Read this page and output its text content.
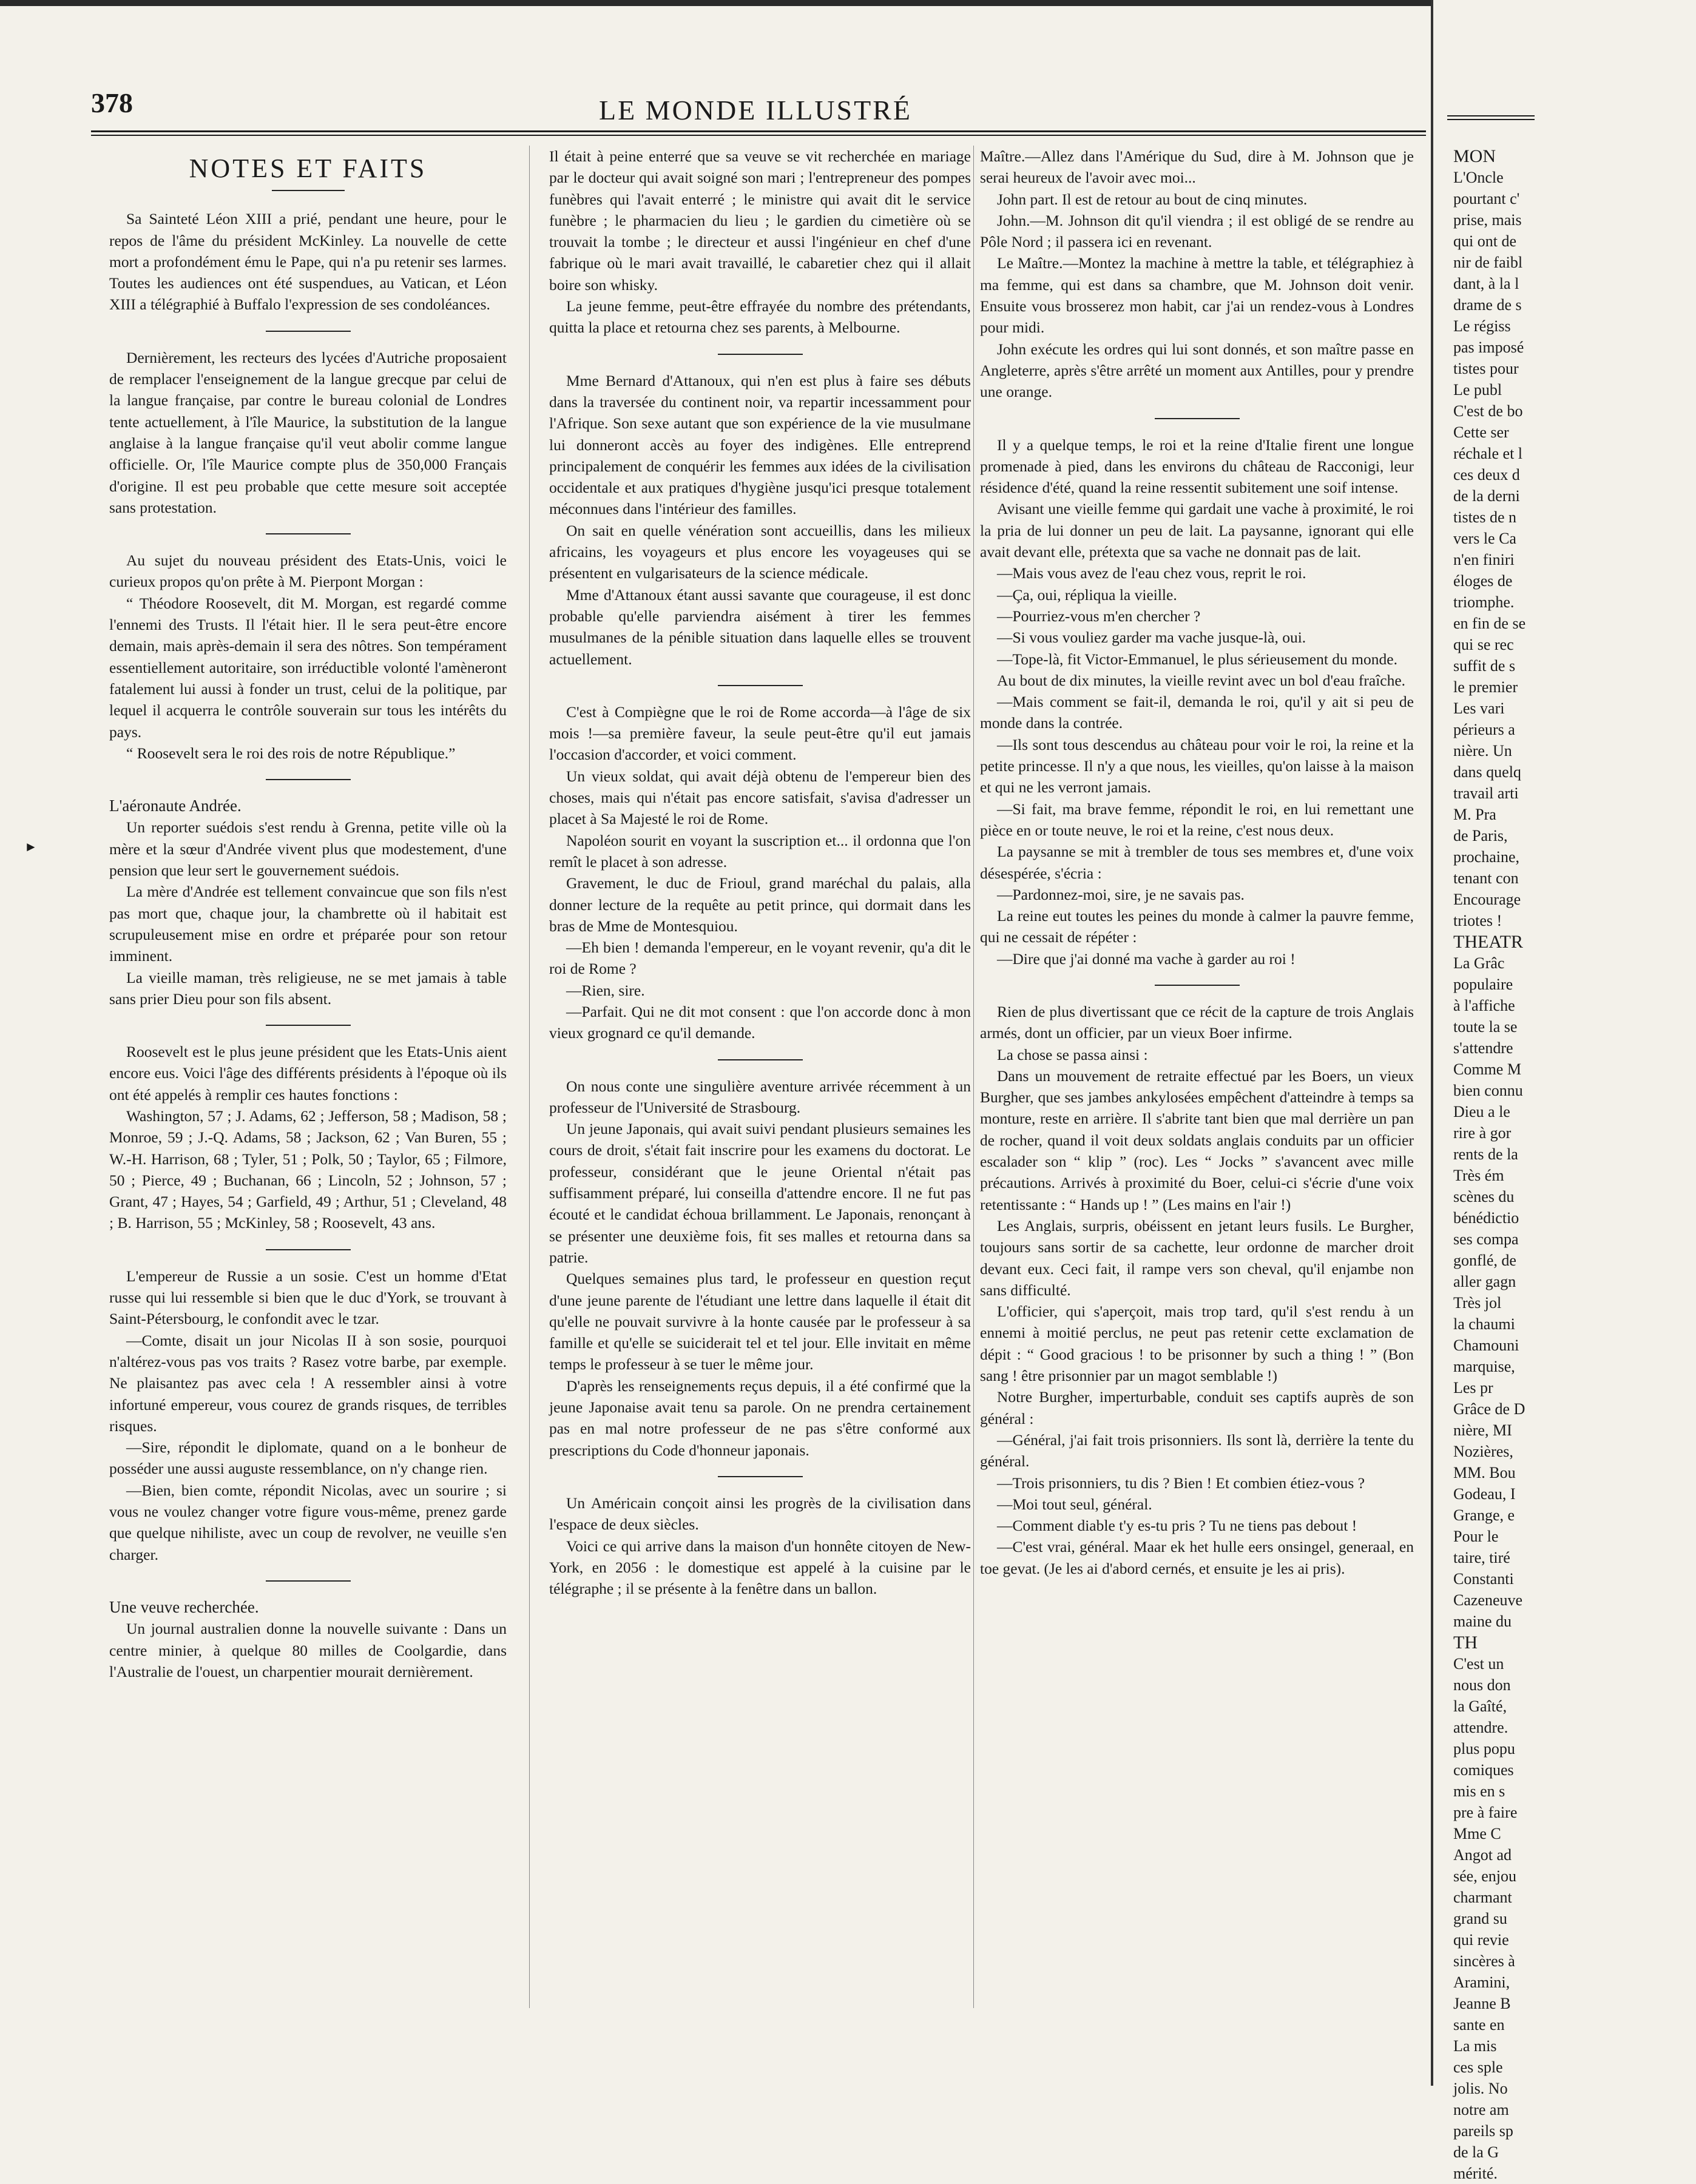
378	LE MONDE ILLUSTRÉ
►
NOTES ET FAITS

Sa Sainteté Léon XIII a prié, pendant une heure, pour le repos de l'âme du président McKinley. La nouvelle de cette mort a profondément ému le Pape, qui n'a pu retenir ses larmes. Toutes les audiences ont été suspendues, au Vatican, et Léon XIII a télégraphié à Buffalo l'expression de ses condoléances.

Dernièrement, les recteurs des lycées d'Autriche proposaient de remplacer l'enseignement de la langue grecque par celui de la langue française, par contre le bureau colonial de Londres tente actuellement, à l'île Maurice, la substitution de la langue anglaise à la langue française qu'il veut abolir comme langue officielle. Or, l'île Maurice compte plus de 350,000 Français d'origine. Il est peu probable que cette mesure soit acceptée sans protestation.

Au sujet du nouveau président des Etats-Unis, voici le curieux propos qu'on prête à M. Pierpont Morgan :

“ Théodore Roosevelt, dit M. Morgan, est regardé comme l'ennemi des Trusts. Il l'était hier. Il le sera peut-être encore demain, mais après-demain il sera des nôtres. Son tempérament essentiellement autoritaire, son irréductible volonté l'amèneront fatalement lui aussi à fonder un trust, celui de la politique, par lequel il acquerra le contrôle souverain sur tous les intérêts du pays.

“ Roosevelt sera le roi des rois de notre République.”

L'aéronaute Andrée.

Un reporter suédois s'est rendu à Grenna, petite ville où la mère et la sœur d'Andrée vivent plus que modestement, d'une pension que leur sert le gouvernement suédois.

La mère d'Andrée est tellement convaincue que son fils n'est pas mort que, chaque jour, la chambrette où il habitait est scrupuleusement mise en ordre et préparée pour son retour imminent.

La vieille maman, très religieuse, ne se met jamais à table sans prier Dieu pour son fils absent.

Roosevelt est le plus jeune président que les Etats-Unis aient encore eus. Voici l'âge des différents présidents à l'époque où ils ont été appelés à remplir ces hautes fonctions :

Washington, 57 ; J. Adams, 62 ; Jefferson, 58 ; Madison, 58 ; Monroe, 59 ; J.-Q. Adams, 58 ; Jackson, 62 ; Van Buren, 55 ; W.-H. Harrison, 68 ; Tyler, 51 ; Polk, 50 ; Taylor, 65 ; Filmore, 50 ; Pierce, 49 ; Buchanan, 66 ; Lincoln, 52 ; Johnson, 57 ; Grant, 47 ; Hayes, 54 ; Garfield, 49 ; Arthur, 51 ; Cleveland, 48 ; B. Harrison, 55 ; McKinley, 58 ; Roosevelt, 43 ans.

L'empereur de Russie a un sosie. C'est un homme d'Etat russe qui lui ressemble si bien que le duc d'York, se trouvant à Saint-Pétersbourg, le confondit avec le tzar.

—Comte, disait un jour Nicolas II à son sosie, pourquoi n'altérez-vous pas vos traits ? Rasez votre barbe, par exemple. Ne plaisantez pas avec cela ! A ressembler ainsi à votre infortuné empereur, vous courez de grands risques, de terribles risques.

—Sire, répondit le diplomate, quand on a le bonheur de posséder une aussi auguste ressemblance, on n'y change rien.

—Bien, bien comte, répondit Nicolas, avec un sourire ; si vous ne voulez changer votre figure vous-même, prenez garde que quelque nihiliste, avec un coup de revolver, ne veuille s'en charger.

Une veuve recherchée.

Un journal australien donne la nouvelle suivante : Dans un centre minier, à quelque 80 milles de Coolgardie, dans l'Australie de l'ouest, un charpentier mourait dernièrement.

Il était à peine enterré que sa veuve se vit recherchée en mariage par le docteur qui avait soigné son mari ; l'entrepreneur des pompes funèbres qui l'avait enterré ; le ministre qui avait dit le service funèbre ; le pharmacien du lieu ; le gardien du cimetière où se trouvait la tombe ; le directeur et aussi l'ingénieur en chef d'une fabrique où le mari avait travaillé, le cabaretier chez qui il allait boire son whisky.

La jeune femme, peut-être effrayée du nombre des prétendants, quitta la place et retourna chez ses parents, à Melbourne.

Mme Bernard d'Attanoux, qui n'en est plus à faire ses débuts dans la traversée du continent noir, va repartir incessamment pour l'Afrique. Son sexe autant que son expérience de la vie musulmane lui donneront accès au foyer des indigènes. Elle entreprend principalement de conquérir les femmes aux idées de la civilisation occidentale et aux pratiques d'hygiène jusqu'ici presque totalement méconnues dans l'intérieur des familles.

On sait en quelle vénération sont accueillis, dans les milieux africains, les voyageurs et plus encore les voyageuses qui se présentent en vulgarisateurs de la science médicale.

Mme d'Attanoux étant aussi savante que courageuse, il est donc probable qu'elle parviendra aisément à tirer les femmes musulmanes de la pénible situation dans laquelle elles se trouvent actuellement.

C'est à Compiègne que le roi de Rome accorda—à l'âge de six mois !—sa première faveur, la seule peut-être qu'il eut jamais l'occasion d'accorder, et voici comment.

Un vieux soldat, qui avait déjà obtenu de l'empereur bien des choses, mais qui n'était pas encore satisfait, s'avisa d'adresser un placet à Sa Majesté le roi de Rome.

Napoléon sourit en voyant la suscription et... il ordonna que l'on remît le placet à son adresse.

Gravement, le duc de Frioul, grand maréchal du palais, alla donner lecture de la requête au petit prince, qui dormait dans les bras de Mme de Montesquiou.

—Eh bien ! demanda l'empereur, en le voyant revenir, qu'a dit le roi de Rome ?

—Rien, sire.

—Parfait. Qui ne dit mot consent : que l'on accorde donc à mon vieux grognard ce qu'il demande.

On nous conte une singulière aventure arrivée récemment à un professeur de l'Université de Strasbourg.

Un jeune Japonais, qui avait suivi pendant plusieurs semaines les cours de droit, s'était fait inscrire pour les examens du doctorat. Le professeur, considérant que le jeune Oriental n'était pas suffisamment préparé, lui conseilla d'attendre encore. Il ne fut pas écouté et le candidat échoua brillamment. Le Japonais, renonçant à se présenter une deuxième fois, fit ses malles et retourna dans sa patrie.

Quelques semaines plus tard, le professeur en question reçut d'une jeune parente de l'étudiant une lettre dans laquelle il était dit qu'elle ne pouvait survivre à la honte causée par le professeur à sa famille et qu'elle se suiciderait tel et tel jour. Elle invitait en même temps le professeur à se tuer le même jour.

D'après les renseignements reçus depuis, il a été confirmé que la jeune Japonaise avait tenu sa parole. On ne prendra certainement pas en mal notre professeur de ne pas s'être conformé aux prescriptions du Code d'honneur japonais.

Un Américain conçoit ainsi les progrès de la civilisation dans l'espace de deux siècles.

Voici ce qui arrive dans la maison d'un honnête citoyen de New-York, en 2056 : le domestique est appelé à la cuisine par le télégraphe ; il se présente à la fenêtre dans un ballon.

Maître.—Allez dans l'Amérique du Sud, dire à M. Johnson que je serai heureux de l'avoir avec moi...

John part. Il est de retour au bout de cinq minutes.

John.—M. Johnson dit qu'il viendra ; il est obligé de se rendre au Pôle Nord ; il passera ici en revenant.

Le Maître.—Montez la machine à mettre la table, et télégraphiez à ma femme, qui est dans sa chambre, que M. Johnson doit venir. Ensuite vous brosserez mon habit, car j'ai un rendez-vous à Londres pour midi.

John exécute les ordres qui lui sont donnés, et son maître passe en Angleterre, après s'être arrêté un moment aux Antilles, pour y prendre une orange.

Il y a quelque temps, le roi et la reine d'Italie firent une longue promenade à pied, dans les environs du château de Racconigi, leur résidence d'été, quand la reine ressentit subitement une soif intense.

Avisant une vieille femme qui gardait une vache à proximité, le roi la pria de lui donner un peu de lait. La paysanne, ignorant qui elle avait devant elle, prétexta que sa vache ne donnait pas de lait.

—Mais vous avez de l'eau chez vous, reprit le roi.

—Ça, oui, répliqua la vieille.

—Pourriez-vous m'en chercher ?

—Si vous vouliez garder ma vache jusque-là, oui.

—Tope-là, fit Victor-Emmanuel, le plus sérieusement du monde.

Au bout de dix minutes, la vieille revint avec un bol d'eau fraîche.

—Mais comment se fait-il, demanda le roi, qu'il y ait si peu de monde dans la contrée.

—Ils sont tous descendus au château pour voir le roi, la reine et la petite princesse. Il n'y a que nous, les vieilles, qu'on laisse à la maison et qui ne les verront jamais.

—Si fait, ma brave femme, répondit le roi, en lui remettant une pièce en or toute neuve, le roi et la reine, c'est nous deux.

La paysanne se mit à trembler de tous ses membres et, d'une voix désespérée, s'écria :

—Pardonnez-moi, sire, je ne savais pas.

La reine eut toutes les peines du monde à calmer la pauvre femme, qui ne cessait de répéter :

—Dire que j'ai donné ma vache à garder au roi !

Rien de plus divertissant que ce récit de la capture de trois Anglais armés, dont un officier, par un vieux Boer infirme.

La chose se passa ainsi :

Dans un mouvement de retraite effectué par les Boers, un vieux Burgher, que ses jambes ankylosées empêchent d'atteindre à temps sa monture, reste en arrière. Il s'abrite tant bien que mal derrière un pan de rocher, quand il voit deux soldats anglais conduits par un officier escalader son “ klip ” (roc). Les “ Jocks ” s'avancent avec mille précautions. Arrivés à proximité du Boer, celui-ci s'écrie d'une voix retentissante : “ Hands up ! ” (Les mains en l'air !)

Les Anglais, surpris, obéissent en jetant leurs fusils. Le Burgher, toujours sans sortir de sa cachette, leur ordonne de marcher droit devant eux. Ceci fait, il rampe vers son cheval, qu'il enjambe non sans difficulté.

L'officier, qui s'aperçoit, mais trop tard, qu'il s'est rendu à un ennemi à moitié perclus, ne peut pas retenir cette exclamation de dépit : “ Good gracious ! to be prisonner by such a thing ! ” (Bon sang ! être prisonnier par un magot semblable !)

Notre Burgher, imperturbable, conduit ses captifs auprès de son général :

—Général, j'ai fait trois prisonniers. Ils sont là, derrière la tente du général.

—Trois prisonniers, tu dis ? Bien ! Et combien étiez-vous ?

—Moi tout seul, général.

—Comment diable t'y es-tu pris ? Tu ne tiens pas debout !

—C'est vrai, général. Maar ek het hulle eers onsingel, generaal, en toe gevat. (Je les ai d'abord cernés, et ensuite je les ai pris).

MON

L'Oncle

pourtant c'

prise, mais

qui ont de

nir de faibl

dant, à la l

drame de s

Le régiss

pas imposé

tistes pour

Le publ

C'est de bo

Cette ser

réchale et l

ces deux d

de la derni

tistes de n

vers le Ca

n'en finiri

éloges de

triomphe.

en fin de se

qui se rec

suffit de s

le premier

Les vari

périeurs a

nière. Un

dans quelq

travail arti

M. Pra

de Paris,

prochaine,

tenant con

Encourage

triotes !

THEATR

La Grâc

populaire

à l'affiche

toute la se

s'attendre

Comme M

bien connu

Dieu a le

rire à gor

rents de la

Très ém

scènes du

bénédictio

ses compa

gonflé, de

aller gagn

Très jol

la chaumi

Chamouni

marquise,

Les pr

Grâce de D

nière, MI

Nozières,

MM. Bou

Godeau, I

Grange, e

Pour le

taire, tiré

Constanti

Cazeneuve

maine du

TH

C'est un

nous don

la Gaîté,

attendre.

plus popu

comiques

mis en s

pre à faire

Mme C

Angot ad

sée, enjou

charmant

grand su

qui revie

sincères à

Aramini,

Jeanne B

sante en

La mis

ces sple

jolis. No

notre am

pareils sp

de la G

mérité.
